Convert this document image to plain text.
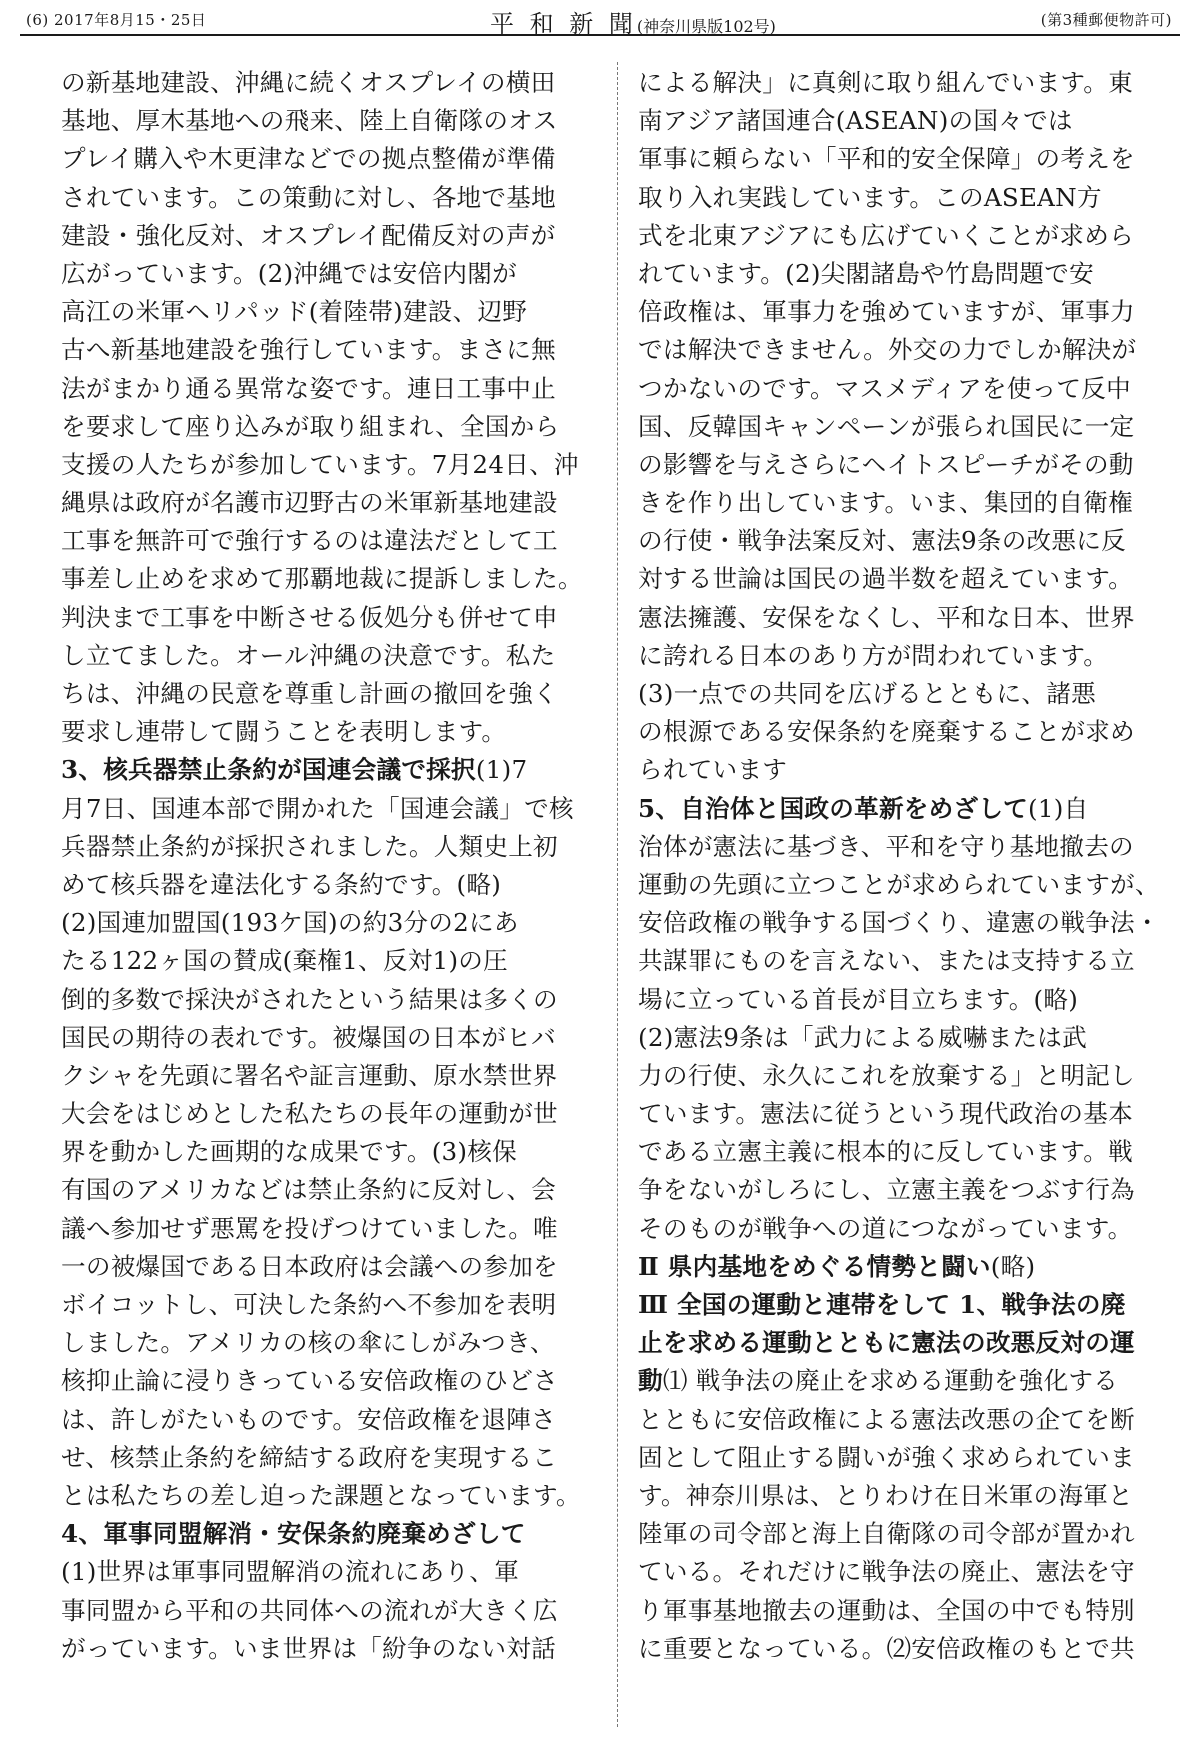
(6) 2017年8月15・25日	平 和 新 聞(神奈川県版102号)	(第3種郵便物許可)
の新基地建設、沖縄に続くオスプレイの横田
基地、厚木基地への飛来、陸上自衛隊のオス
プレイ購入や木更津などでの拠点整備が準備
されています。この策動に対し、各地で基地
建設・強化反対、オスプレイ配備反対の声が
広がっています。(2)沖縄では安倍内閣が
高江の米軍ヘリパッド(着陸帯)建設、辺野
古へ新基地建設を強行しています。まさに無
法がまかり通る異常な姿です。連日工事中止
を要求して座り込みが取り組まれ、全国から
支援の人たちが参加しています。7月24日、沖
縄県は政府が名護市辺野古の米軍新基地建設
工事を無許可で強行するのは違法だとして工
事差し止めを求めて那覇地裁に提訴しました。
判決まで工事を中断させる仮処分も併せて申
し立てました。オール沖縄の決意です。私た
ちは、沖縄の民意を尊重し計画の撤回を強く
要求し連帯して闘うことを表明します。
3、核兵器禁止条約が国連会議で採択(1)7
月7日、国連本部で開かれた「国連会議」で核
兵器禁止条約が採択されました。人類史上初
めて核兵器を違法化する条約です。(略)
(2)国連加盟国(193ケ国)の約3分の2にあ
たる122ヶ国の賛成(棄権1、反対1)の圧
倒的多数で採決がされたという結果は多くの
国民の期待の表れです。被爆国の日本がヒバ
クシャを先頭に署名や証言運動、原水禁世界
大会をはじめとした私たちの長年の運動が世
界を動かした画期的な成果です。(3)核保
有国のアメリカなどは禁止条約に反対し、会
議へ参加せず悪罵を投げつけていました。唯
一の被爆国である日本政府は会議への参加を
ボイコットし、可決した条約へ不参加を表明
しました。アメリカの核の傘にしがみつき、
核抑止論に浸りきっている安倍政権のひどさ
は、許しがたいものです。安倍政権を退陣さ
せ、核禁止条約を締結する政府を実現するこ
とは私たちの差し迫った課題となっています。
4、軍事同盟解消・安保条約廃棄めざして
(1)世界は軍事同盟解消の流れにあり、軍
事同盟から平和の共同体への流れが大きく広
がっています。いま世界は「紛争のない対話
による解決」に真剣に取り組んでいます。東
南アジア諸国連合(ASEAN)の国々では
軍事に頼らない「平和的安全保障」の考えを
取り入れ実践しています。このASEAN方
式を北東アジアにも広げていくことが求めら
れています。(2)尖閣諸島や竹島問題で安
倍政権は、軍事力を強めていますが、軍事力
では解決できません。外交の力でしか解決が
つかないのです。マスメディアを使って反中
国、反韓国キャンペーンが張られ国民に一定
の影響を与えさらにヘイトスピーチがその動
きを作り出しています。いま、集団的自衛権
の行使・戦争法案反対、憲法9条の改悪に反
対する世論は国民の過半数を超えています。
憲法擁護、安保をなくし、平和な日本、世界
に誇れる日本のあり方が問われています。
(3)一点での共同を広げるとともに、諸悪
の根源である安保条約を廃棄することが求め
られています
5、自治体と国政の革新をめざして(1)自
治体が憲法に基づき、平和を守り基地撤去の
運動の先頭に立つことが求められていますが、
安倍政権の戦争する国づくり、違憲の戦争法・
共謀罪にものを言えない、または支持する立
場に立っている首長が目立ちます。(略)
(2)憲法9条は「武力による威嚇または武
力の行使、永久にこれを放棄する」と明記し
ています。憲法に従うという現代政治の基本
である立憲主義に根本的に反しています。戦
争をないがしろにし、立憲主義をつぶす行為
そのものが戦争への道につながっています。
Ⅱ 県内基地をめぐる情勢と闘い(略)
Ⅲ 全国の運動と連帯をして 1、戦争法の廃
止を求める運動とともに憲法の改悪反対の運
動⑴ 戦争法の廃止を求める運動を強化する
とともに安倍政権による憲法改悪の企てを断
固として阻止する闘いが強く求められていま
す。神奈川県は、とりわけ在日米軍の海軍と
陸軍の司令部と海上自衛隊の司令部が置かれ
ている。それだけに戦争法の廃止、憲法を守
り軍事基地撤去の運動は、全国の中でも特別
に重要となっている。⑵安倍政権のもとで共
